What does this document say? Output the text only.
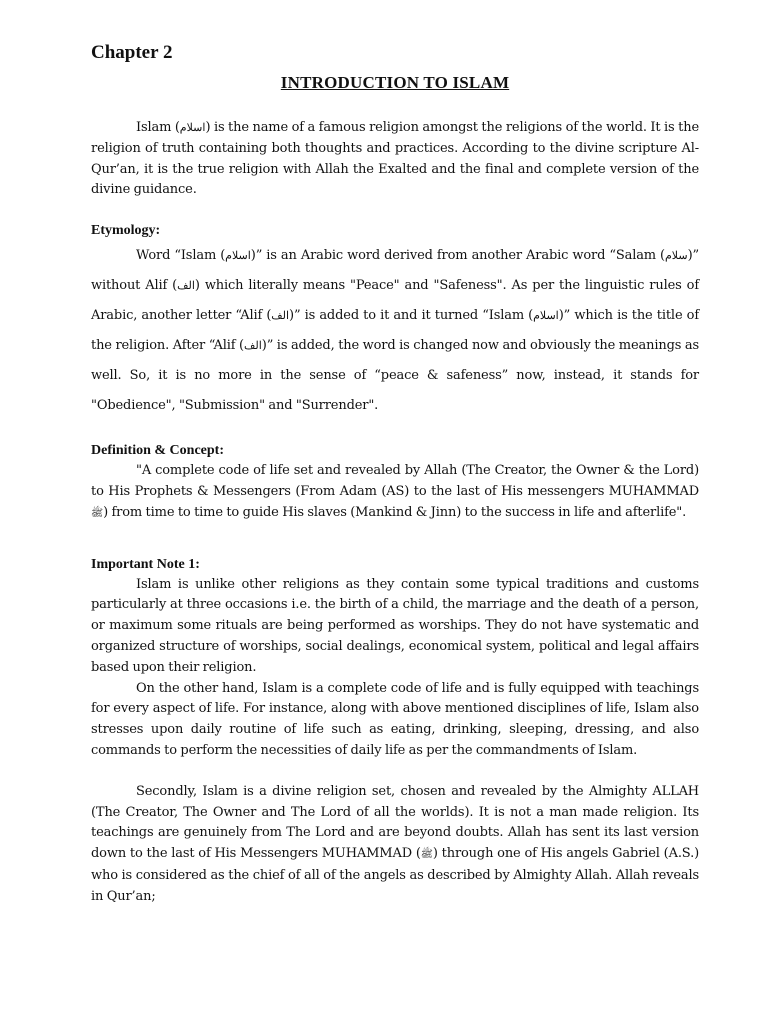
Chapter 2
INTRODUCTION TO ISLAM

Islam (اسلام) is the name of a famous religion amongst the religions of the world. It is the religion of truth containing both thoughts and practices. According to the divine scripture Al-Qur’an, it is the true religion with Allah the Exalted and the final and complete version of the divine guidance.

Etymology:

Word “Islam (اسلام)” is an Arabic word derived from another Arabic word “Salam (سلام)” without Alif (الف) which literally means "Peace" and "Safeness". As per the linguistic rules of Arabic, another letter “Alif (الف)” is added to it and it turned “Islam (اسلام)” which is the title of the religion. After “Alif (الف)” is added, the word is changed now and obviously the meanings as well. So, it is no more in the sense of “peace & safeness” now, instead, it stands for "Obedience", "Submission" and "Surrender".

Definition & Concept:

"A complete code of life set and revealed by Allah (The Creator, the Owner & the Lord) to His Prophets & Messengers (From Adam (AS) to the last of His messengers MUHAMMAD ﷺ) from time to time to guide His slaves (Mankind & Jinn) to the success in life and afterlife".

Important Note 1:

Islam is unlike other religions as they contain some typical traditions and customs particularly at three occasions i.e. the birth of a child, the marriage and the death of a person, or maximum some rituals are being performed as worships. They do not have systematic and organized structure of worships, social dealings, economical system, political and legal affairs based upon their religion.

On the other hand, Islam is a complete code of life and is fully equipped with teachings for every aspect of life. For instance, along with above mentioned disciplines of life, Islam also stresses upon daily routine of life such as eating, drinking, sleeping, dressing, and also commands to perform the necessities of daily life as per the commandments of Islam.

Secondly, Islam is a divine religion set, chosen and revealed by the Almighty ALLAH (The Creator, The Owner and The Lord of all the worlds). It is not a man made religion. Its teachings are genuinely from The Lord and are beyond doubts. Allah has sent its last version down to the last of His Messengers MUHAMMAD (ﷺ) through one of His angels Gabriel (A.S.) who is considered as the chief of all of the angels as described by Almighty Allah. Allah reveals in Qur’an;
